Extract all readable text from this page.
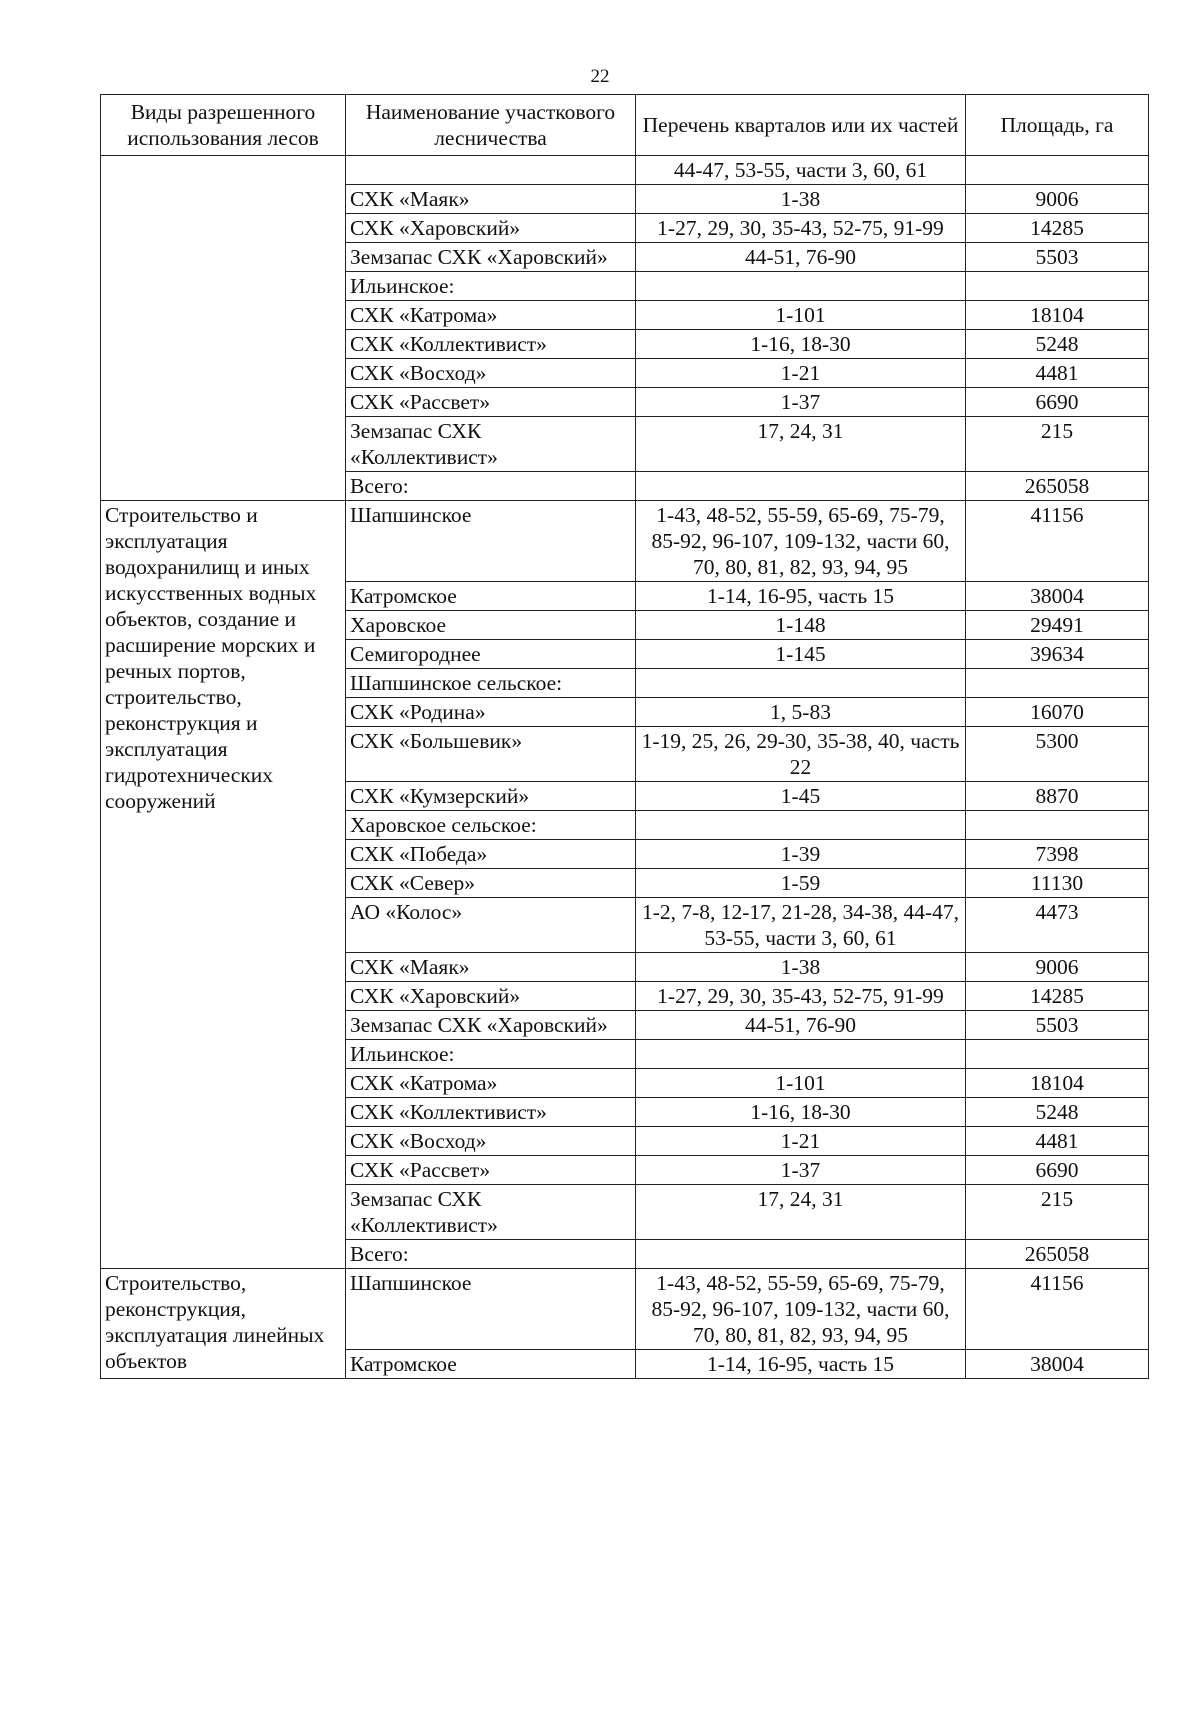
22
Виды разрешенного использования лесов	Наименование участкового лесничества	Перечень кварталов или их частей	Площадь, га
		44-47, 53-55, части 3, 60, 61	
	СХК «Маяк»	1-38	9006
	СХК «Харовский»	1-27, 29, 30, 35-43, 52-75, 91-99	14285
	Земзапас СХК «Харовский»	44-51, 76-90	5503
	Ильинское:		
	СХК «Катрома»	1-101	18104
	СХК «Коллективист»	1-16, 18-30	5248
	СХК «Восход»	1-21	4481
	СХК «Рассвет»	1-37	6690
	Земзапас СХК «Коллективист»	17, 24, 31	215
	Всего:		265058
Строительство и эксплуатация водохранилищ и иных искусственных водных объектов, создание и расширение морских и речных портов, строительство, реконструкция и эксплуатация гидротехнических сооружений	Шапшинское	1-43, 48-52, 55-59, 65-69, 75-79, 85-92, 96-107, 109-132, части 60, 70, 80, 81, 82, 93, 94, 95	41156
	Катромское	1-14, 16-95, часть 15	38004
	Харовское	1-148	29491
	Семигороднее	1-145	39634
	Шапшинское сельское:		
	СХК «Родина»	1, 5-83	16070
	СХК «Большевик»	1-19, 25, 26, 29-30, 35-38, 40, часть 22	5300
	СХК «Кумзерский»	1-45	8870
	Харовское сельское:		
	СХК «Победа»	1-39	7398
	СХК «Север»	1-59	11130
	АО «Колос»	1-2, 7-8, 12-17, 21-28, 34-38, 44-47, 53-55, части 3, 60, 61	4473
	СХК «Маяк»	1-38	9006
	СХК «Харовский»	1-27, 29, 30, 35-43, 52-75, 91-99	14285
	Земзапас СХК «Харовский»	44-51, 76-90	5503
	Ильинское:		
	СХК «Катрома»	1-101	18104
	СХК «Коллективист»	1-16, 18-30	5248
	СХК «Восход»	1-21	4481
	СХК «Рассвет»	1-37	6690
	Земзапас СХК «Коллективист»	17, 24, 31	215
	Всего:		265058
Строительство, реконструкция, эксплуатация линейных объектов	Шапшинское	1-43, 48-52, 55-59, 65-69, 75-79, 85-92, 96-107, 109-132, части 60, 70, 80, 81, 82, 93, 94, 95	41156
	Катромское	1-14, 16-95, часть 15	38004
